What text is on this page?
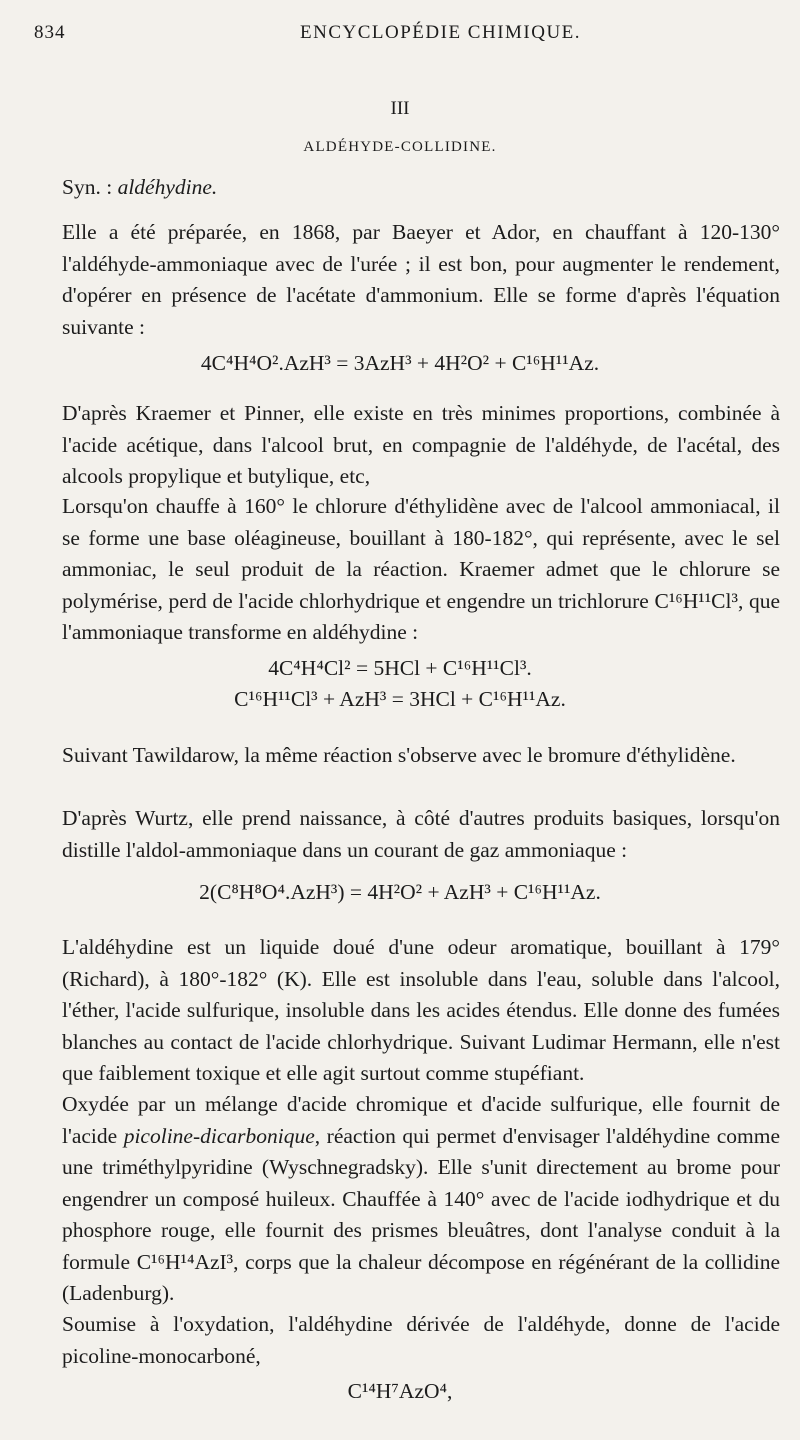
834	ENCYCLOPÉDIE CHIMIQUE.
III
ALDÉHYDE-COLLIDINE.
Syn. : aldéhydine.
Elle a été préparée, en 1868, par Baeyer et Ador, en chauffant à 120-130° l'aldéhyde-ammoniaque avec de l'urée ; il est bon, pour augmenter le rendement, d'opérer en présence de l'acétate d'ammonium. Elle se forme d'après l'équation suivante :
4C⁴H⁴O².AzH³ = 3AzH³ + 4H²O² + C¹⁶H¹¹Az.
D'après Kraemer et Pinner, elle existe en très minimes proportions, combinée à l'acide acétique, dans l'alcool brut, en compagnie de l'aldéhyde, de l'acétal, des alcools propylique et butylique, etc,
Lorsqu'on chauffe à 160° le chlorure d'éthylidène avec de l'alcool ammoniacal, il se forme une base oléagineuse, bouillant à 180-182°, qui représente, avec le sel ammoniac, le seul produit de la réaction. Kraemer admet que le chlorure se polymérise, perd de l'acide chlorhydrique et engendre un trichlorure C¹⁶H¹¹Cl³, que l'ammoniaque transforme en aldéhydine :
4C⁴H⁴Cl² = 5HCl + C¹⁶H¹¹Cl³.
C¹⁶H¹¹Cl³ + AzH³ = 3HCl + C¹⁶H¹¹Az.
Suivant Tawildarow, la même réaction s'observe avec le bromure d'éthylidène.
D'après Wurtz, elle prend naissance, à côté d'autres produits basiques, lorsqu'on distille l'aldol-ammoniaque dans un courant de gaz ammoniaque :
2(C⁸H⁸O⁴.AzH³) = 4H²O² + AzH³ + C¹⁶H¹¹Az.
L'aldéhydine est un liquide doué d'une odeur aromatique, bouillant à 179° (Richard), à 180°-182° (K). Elle est insoluble dans l'eau, soluble dans l'alcool, l'éther, l'acide sulfurique, insoluble dans les acides étendus. Elle donne des fumées blanches au contact de l'acide chlorhydrique. Suivant Ludimar Hermann, elle n'est que faiblement toxique et elle agit surtout comme stupéfiant.
Oxydée par un mélange d'acide chromique et d'acide sulfurique, elle fournit de l'acide picoline-dicarbonique, réaction qui permet d'envisager l'aldéhydine comme une triméthylpyridine (Wyschnegradsky). Elle s'unit directement au brome pour engendrer un composé huileux. Chauffée à 140° avec de l'acide iodhydrique et du phosphore rouge, elle fournit des prismes bleuâtres, dont l'analyse conduit à la formule C¹⁶H¹⁴AzI³, corps que la chaleur décompose en régénérant de la collidine (Ladenburg).
Soumise à l'oxydation, l'aldéhydine dérivée de l'aldéhyde, donne de l'acide picoline-monocarboné,
C¹⁴H⁷AzO⁴,
